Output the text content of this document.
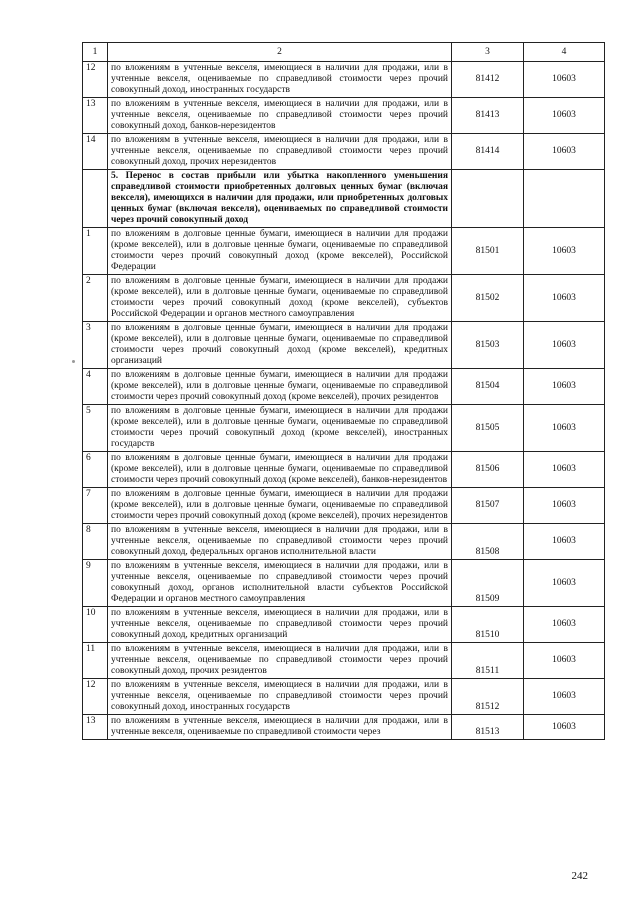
1	2	3	4
12	по вложениям в учтенные векселя, имеющиеся в наличии для продажи, или в учтенные векселя, оцениваемые по справедливой стоимости через прочий совокупный доход, иностранных государств	81412	10603
13	по вложениям в учтенные векселя, имеющиеся в наличии для продажи, или в учтенные векселя, оцениваемые по справедливой стоимости через прочий совокупный доход, банков-нерезидентов	81413	10603
14	по вложениям в учтенные векселя, имеющиеся в наличии для продажи, или в учтенные векселя, оцениваемые по справедливой стоимости через прочий совокупный доход, прочих нерезидентов	81414	10603
	5. Перенос в состав прибыли или убытка накопленного уменьшения справедливой стоимости приобретенных долговых ценных бумаг (включая векселя), имеющихся в наличии для продажи, или приобретенных долговых ценных бумаг (включая векселя), оцениваемых по справедливой стоимости через прочий совокупный доход		
1	по вложениям в долговые ценные бумаги, имеющиеся в наличии для продажи (кроме векселей), или в долговые ценные бумаги, оцениваемые по справедливой стоимости через прочий совокупный доход (кроме векселей), Российской Федерации	81501	10603
2	по вложениям в долговые ценные бумаги, имеющиеся в наличии для продажи (кроме векселей), или в долговые ценные бумаги, оцениваемые по справедливой стоимости через прочий совокупный доход (кроме векселей), субъектов Российской Федерации и органов местного самоуправления	81502	10603
3	по вложениям в долговые ценные бумаги, имеющиеся в наличии для продажи (кроме векселей), или в долговые ценные бумаги, оцениваемые по справедливой стоимости через прочий совокупный доход (кроме векселей), кредитных организаций	81503	10603
4	по вложениям в долговые ценные бумаги, имеющиеся в наличии для продажи (кроме векселей), или в долговые ценные бумаги, оцениваемые по справедливой стоимости через прочий совокупный доход (кроме векселей), прочих резидентов	81504	10603
5	по вложениям в долговые ценные бумаги, имеющиеся в наличии для продажи (кроме векселей), или в долговые ценные бумаги, оцениваемые по справедливой стоимости через прочий совокупный доход (кроме векселей), иностранных государств	81505	10603
6	по вложениям в долговые ценные бумаги, имеющиеся в наличии для продажи (кроме векселей), или в долговые ценные бумаги, оцениваемые по справедливой стоимости через прочий совокупный доход (кроме векселей), банков-нерезидентов	81506	10603
7	по вложениям в долговые ценные бумаги, имеющиеся в наличии для продажи (кроме векселей), или в долговые ценные бумаги, оцениваемые по справедливой стоимости через прочий совокупный доход (кроме векселей), прочих нерезидентов	81507	10603
8	по вложениям в учтенные векселя, имеющиеся в наличии для продажи, или в учтенные векселя, оцениваемые по справедливой стоимости через прочий совокупный доход, федеральных органов исполнительной власти	81508	10603
9	по вложениям в учтенные векселя, имеющиеся в наличии для продажи, или в учтенные векселя, оцениваемые по справедливой стоимости через прочий совокупный доход, органов исполнительной власти субъектов Российской Федерации и органов местного самоуправления	81509	10603
10	по вложениям в учтенные векселя, имеющиеся в наличии для продажи, или в учтенные векселя, оцениваемые по справедливой стоимости через прочий совокупный доход, кредитных организаций	81510	10603
11	по вложениям в учтенные векселя, имеющиеся в наличии для продажи, или в учтенные векселя, оцениваемые по справедливой стоимости через прочий совокупный доход, прочих резидентов	81511	10603
12	по вложениям в учтенные векселя, имеющиеся в наличии для продажи, или в учтенные векселя, оцениваемые по справедливой стоимости через прочий совокупный доход, иностранных государств	81512	10603
13	по вложениям в учтенные векселя, имеющиеся в наличии для продажи, или в учтенные векселя, оцениваемые по справедливой стоимости через	81513	10603
242
